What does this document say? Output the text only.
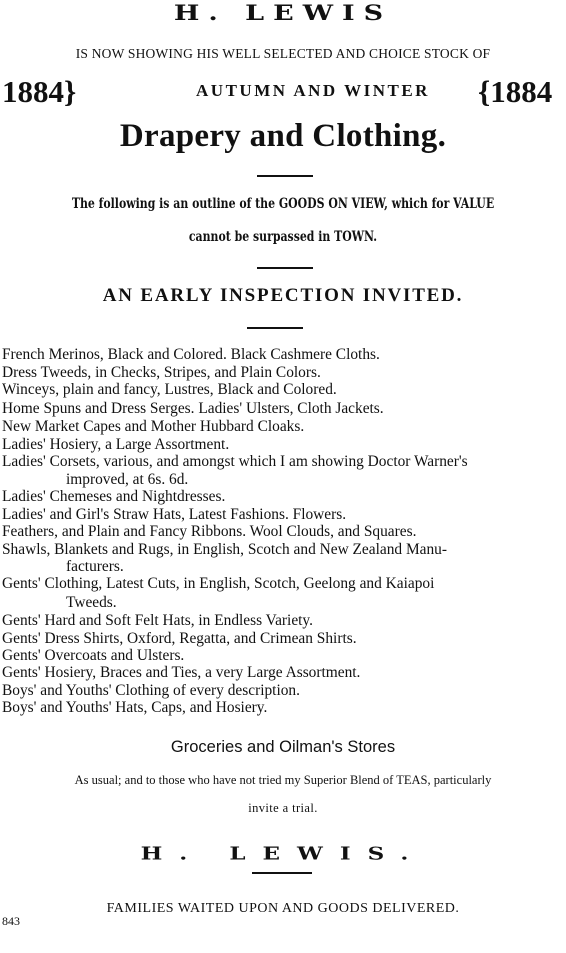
H. LEWIS
IS NOW SHOWING HIS WELL SELECTED AND CHOICE STOCK OF
1884}	AUTUMN AND WINTER	{1884
Drapery and Clothing.
The following is an outline of the GOODS ON VIEW, which for VALUE
cannot be surpassed in TOWN.
AN EARLY INSPECTION INVITED.
French Merinos, Black and Colored. Black Cashmere Cloths.
Dress Tweeds, in Checks, Stripes, and Plain Colors.
Winceys, plain and fancy, Lustres, Black and Colored.
Home Spuns and Dress Serges. Ladies' Ulsters, Cloth Jackets.
New Market Capes and Mother Hubbard Cloaks.
Ladies' Hosiery, a Large Assortment.
Ladies' Corsets, various, and amongst which I am showing Doctor Warner's
improved, at 6s. 6d.
Ladies' Chemeses and Nightdresses.
Ladies' and Girl's Straw Hats, Latest Fashions. Flowers.
Feathers, and Plain and Fancy Ribbons. Wool Clouds, and Squares.
Shawls, Blankets and Rugs, in English, Scotch and New Zealand Manu-
facturers.
Gents' Clothing, Latest Cuts, in English, Scotch, Geelong and Kaiapoi
Tweeds.
Gents' Hard and Soft Felt Hats, in Endless Variety.
Gents' Dress Shirts, Oxford, Regatta, and Crimean Shirts.
Gents' Overcoats and Ulsters.
Gents' Hosiery, Braces and Ties, a very Large Assortment.
Boys' and Youths' Clothing of every description.
Boys' and Youths' Hats, Caps, and Hosiery.
Groceries and Oilman's Stores
As usual; and to those who have not tried my Superior Blend of TEAS, particularly
invite a trial.
H. LEWIS.
FAMILIES WAITED UPON AND GOODS DELIVERED.
843
